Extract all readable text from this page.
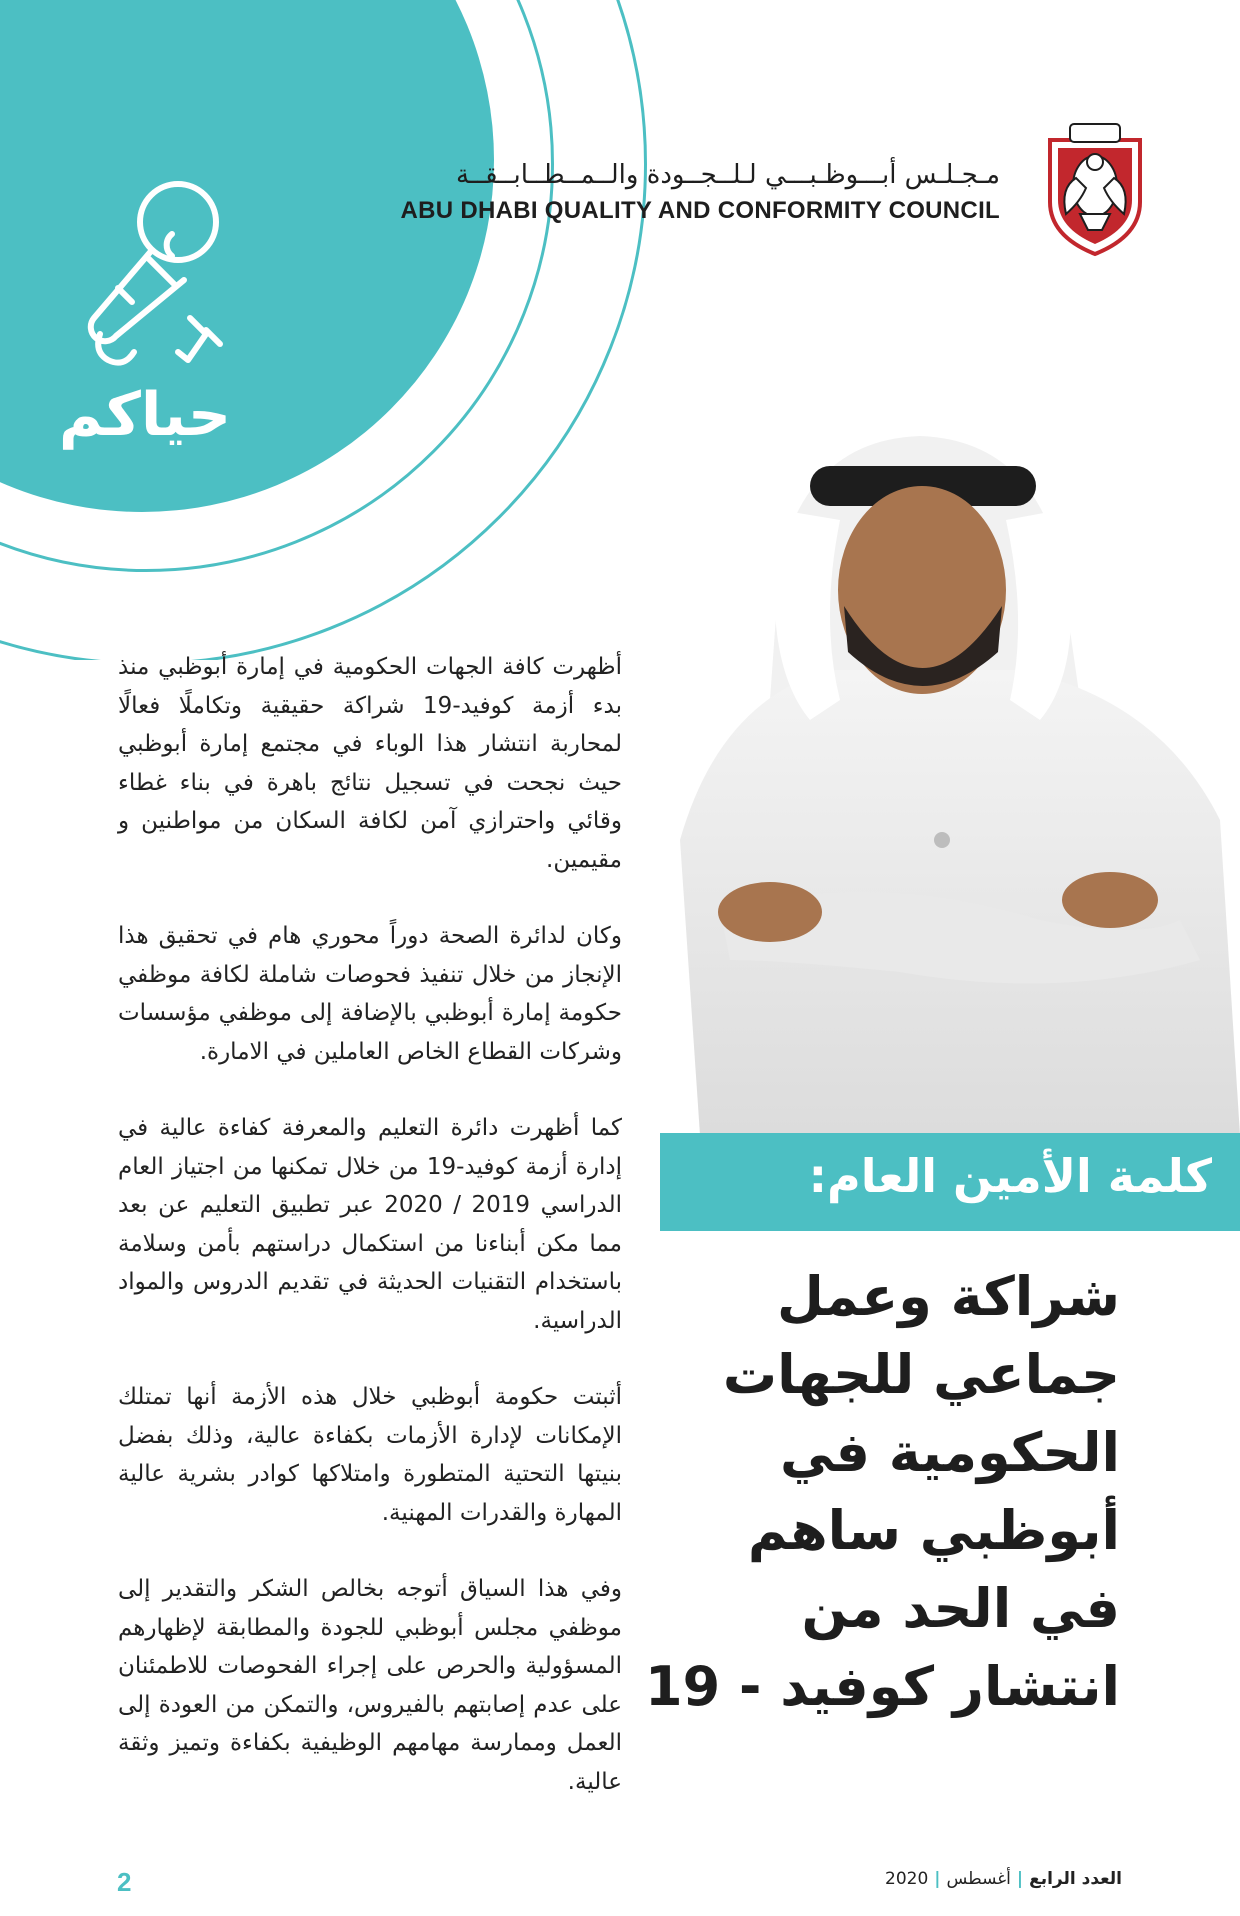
حياكم
مـجـلـس أبـــوظـبـــي لـلــجــودة والــمــطــابــقــة
ABU DHABI QUALITY AND CONFORMITY COUNCIL
كلمة الأمين العام:
شراكة وعمل
جماعي للجهات
الحكومية في
أبوظبي ساهم
في الحد من
انتشار كوفيد - 19

أظهرت كافة الجهات الحكومية في إمارة أبوظبي منذ بدء أزمة كوفيد-19 شراكة حقيقية وتكاملًا فعالًا لمحاربة انتشار هذا الوباء في مجتمع إمارة أبوظبي حيث نجحت في تسجيل نتائج باهرة في بناء غطاء وقائي واحترازي آمن لكافة السكان من مواطنين و مقيمين.

وكان لدائرة الصحة دوراً محوري هام في تحقيق هذا الإنجاز من خلال تنفيذ فحوصات شاملة لكافة موظفي حكومة إمارة أبوظبي بالإضافة إلى موظفي مؤسسات وشركات القطاع الخاص العاملين في الامارة.

كما أظهرت دائرة التعليم والمعرفة كفاءة عالية في إدارة أزمة كوفيد-19 من خلال تمكنها من اجتياز العام الدراسي 2019 / 2020 عبر تطبيق التعليم عن بعد مما مكن أبناءنا من استكمال دراستهم بأمن وسلامة باستخدام التقنيات الحديثة في تقديم الدروس والمواد الدراسية.

أثبتت حكومة أبوظبي خلال هذه الأزمة أنها تمتلك الإمكانات لإدارة الأزمات بكفاءة عالية، وذلك بفضل بنيتها التحتية المتطورة وامتلاكها كوادر بشرية عالية المهارة والقدرات المهنية.

وفي هذا السياق أتوجه بخالص الشكر والتقدير إلى موظفي مجلس أبوظبي للجودة والمطابقة لإظهارهم المسؤولية والحرص على إجراء الفحوصات للاطمئنان على عدم إصابتهم بالفيروس، والتمكن من العودة إلى العمل وممارسة مهامهم الوظيفية بكفاءة وتميز وثقة عالية.

2	العدد الرابع|أغسطس|2020
